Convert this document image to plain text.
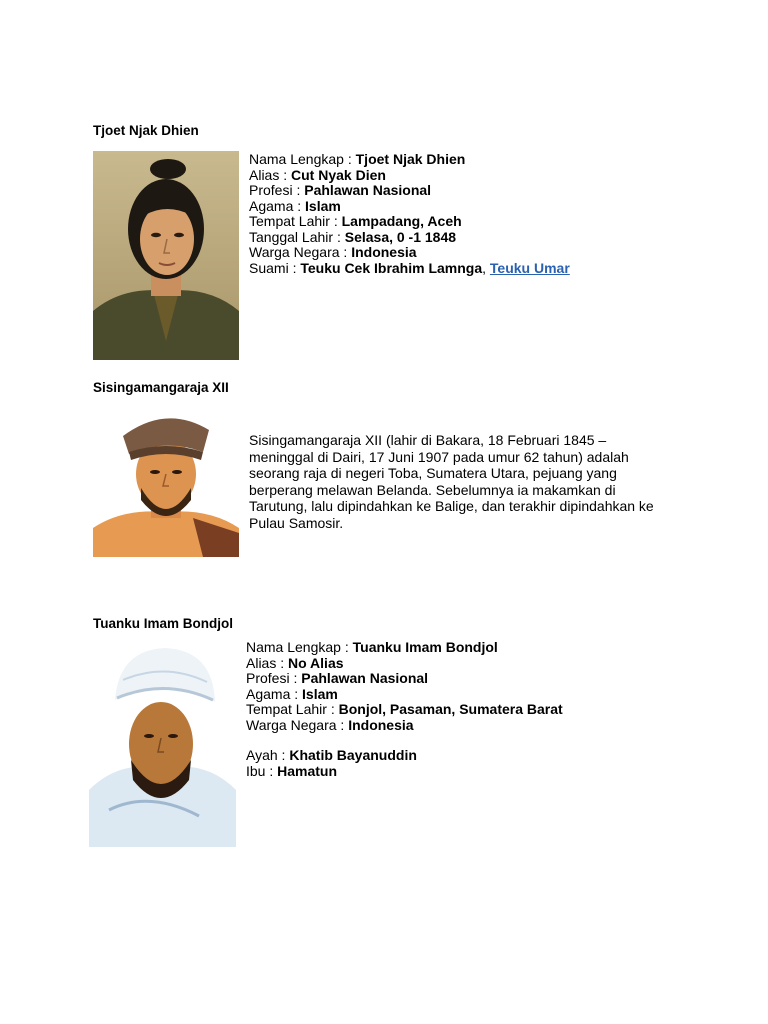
Tjoet Njak Dhien
Nama Lengkap : Tjoet Njak Dhien
Alias : Cut Nyak Dien
Profesi : Pahlawan Nasional
Agama : Islam
Tempat Lahir : Lampadang, Aceh
Tanggal Lahir : Selasa, 0 -1 1848
Warga Negara : Indonesia
Suami : Teuku Cek Ibrahim Lamnga, Teuku Umar
Sisingamangaraja XII
Sisingamangaraja XII (lahir di Bakara, 18 Februari 1845 –
meninggal di Dairi, 17 Juni 1907 pada umur 62 tahun) adalah
seorang raja di negeri Toba, Sumatera Utara, pejuang yang
berperang melawan Belanda. Sebelumnya ia makamkan di
Tarutung, lalu dipindahkan ke Balige, dan terakhir dipindahkan ke
Pulau Samosir.
Tuanku Imam Bondjol
Nama Lengkap : Tuanku Imam Bondjol
Alias : No Alias
Profesi : Pahlawan Nasional
Agama : Islam
Tempat Lahir : Bonjol, Pasaman, Sumatera Barat
Warga Negara : Indonesia
Ayah : Khatib Bayanuddin
Ibu : Hamatun
